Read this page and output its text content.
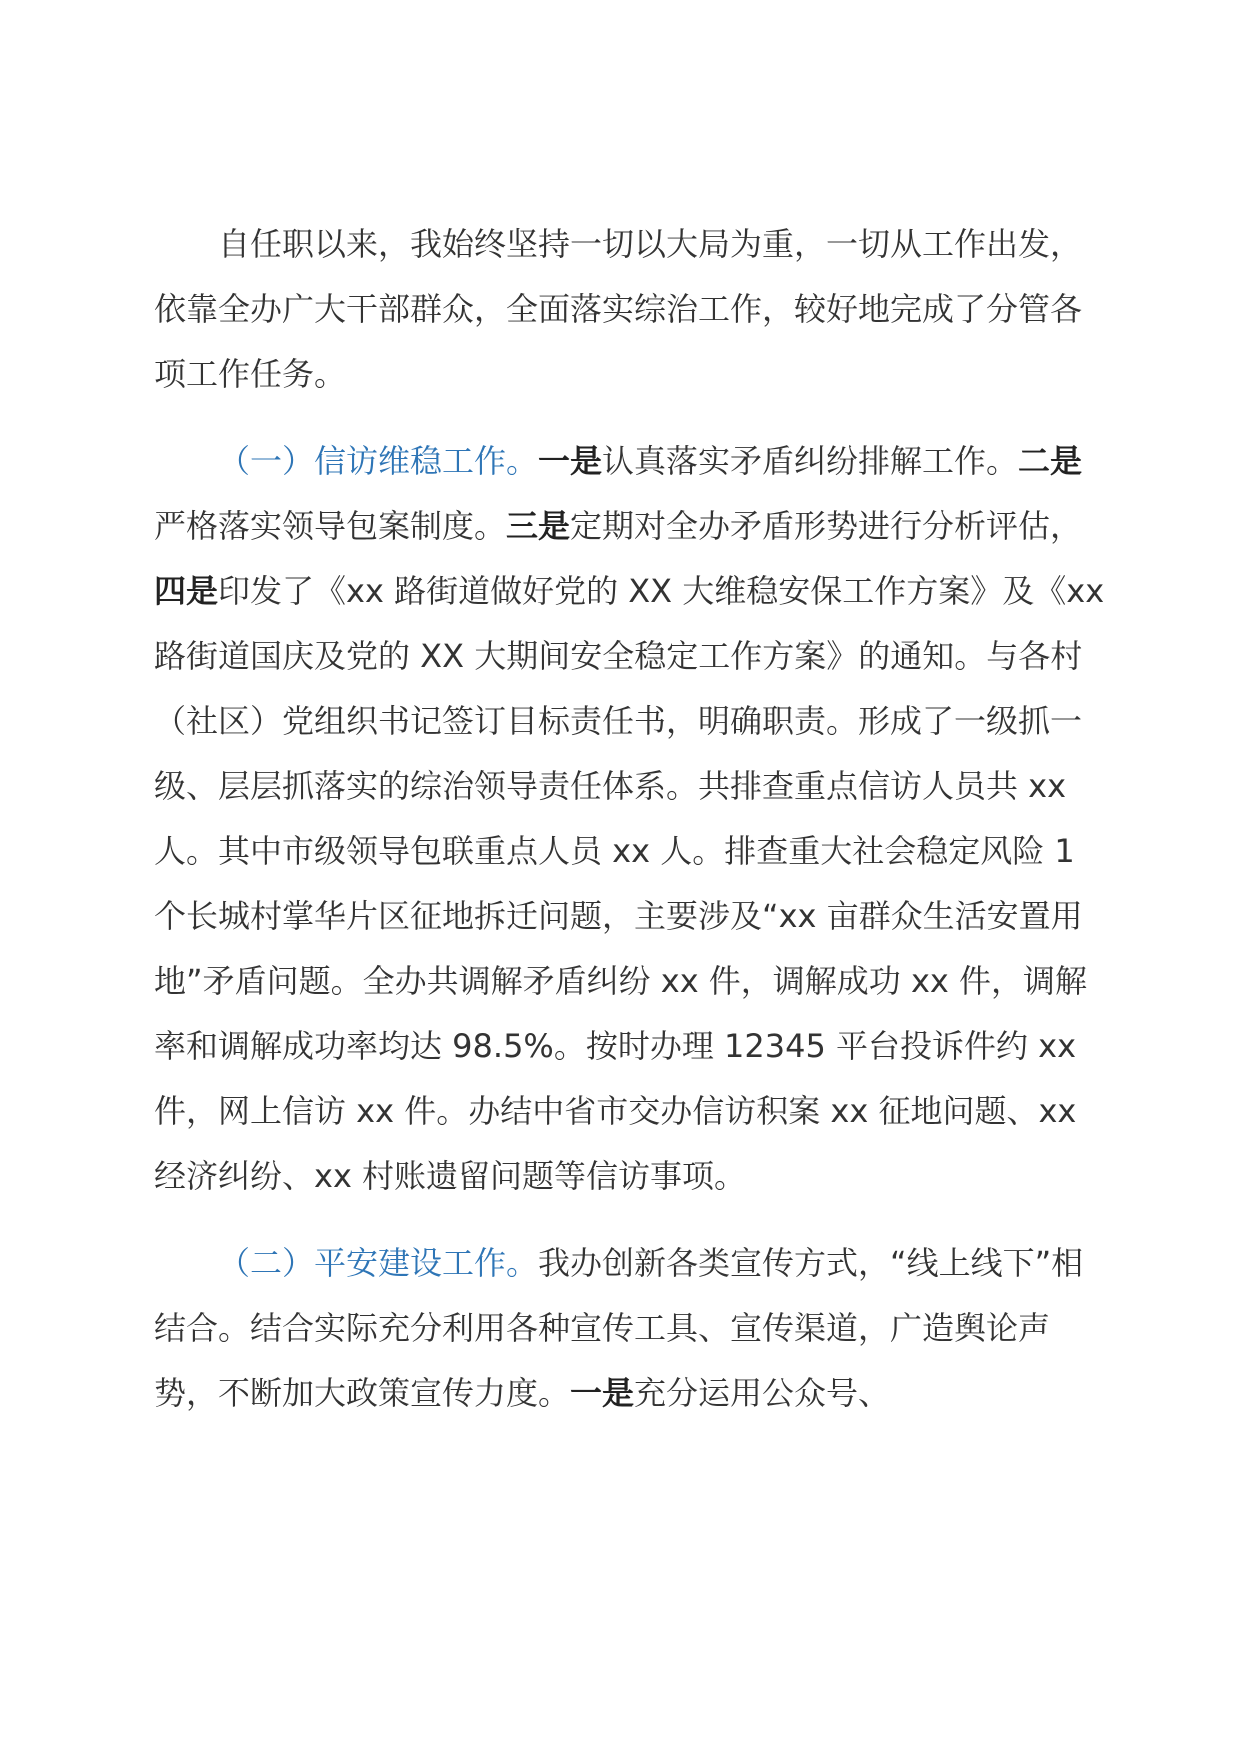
自任职以来，我始终坚持一切以大局为重，一切从工作出发，依靠全办广大干部群众，全面落实综治工作，较好地完成了分管各项工作任务。

（一）信访维稳工作。一是认真落实矛盾纠纷排解工作。二是严格落实领导包案制度。三是定期对全办矛盾形势进行分析评估，四是印发了《xx 路街道做好党的 XX 大维稳安保工作方案》及《xx 路街道国庆及党的 XX 大期间安全稳定工作方案》的通知。与各村（社区）党组织书记签订目标责任书，明确职责。形成了一级抓一级、层层抓落实的综治领导责任体系。共排查重点信访人员共 xx 人。其中市级领导包联重点人员 xx 人。排查重大社会稳定风险 1 个长城村掌华片区征地拆迁问题，主要涉及“xx 亩群众生活安置用地”矛盾问题。全办共调解矛盾纠纷 xx 件，调解成功 xx 件，调解率和调解成功率均达 98.5%。按时办理 12345 平台投诉件约 xx 件，网上信访 xx 件。办结中省市交办信访积案 xx 征地问题、xx 经济纠纷、xx 村账遗留问题等信访事项。

（二）平安建设工作。我办创新各类宣传方式，“线上线下”相结合。结合实际充分利用各种宣传工具、宣传渠道，广造舆论声势，不断加大政策宣传力度。一是充分运用公众号、
